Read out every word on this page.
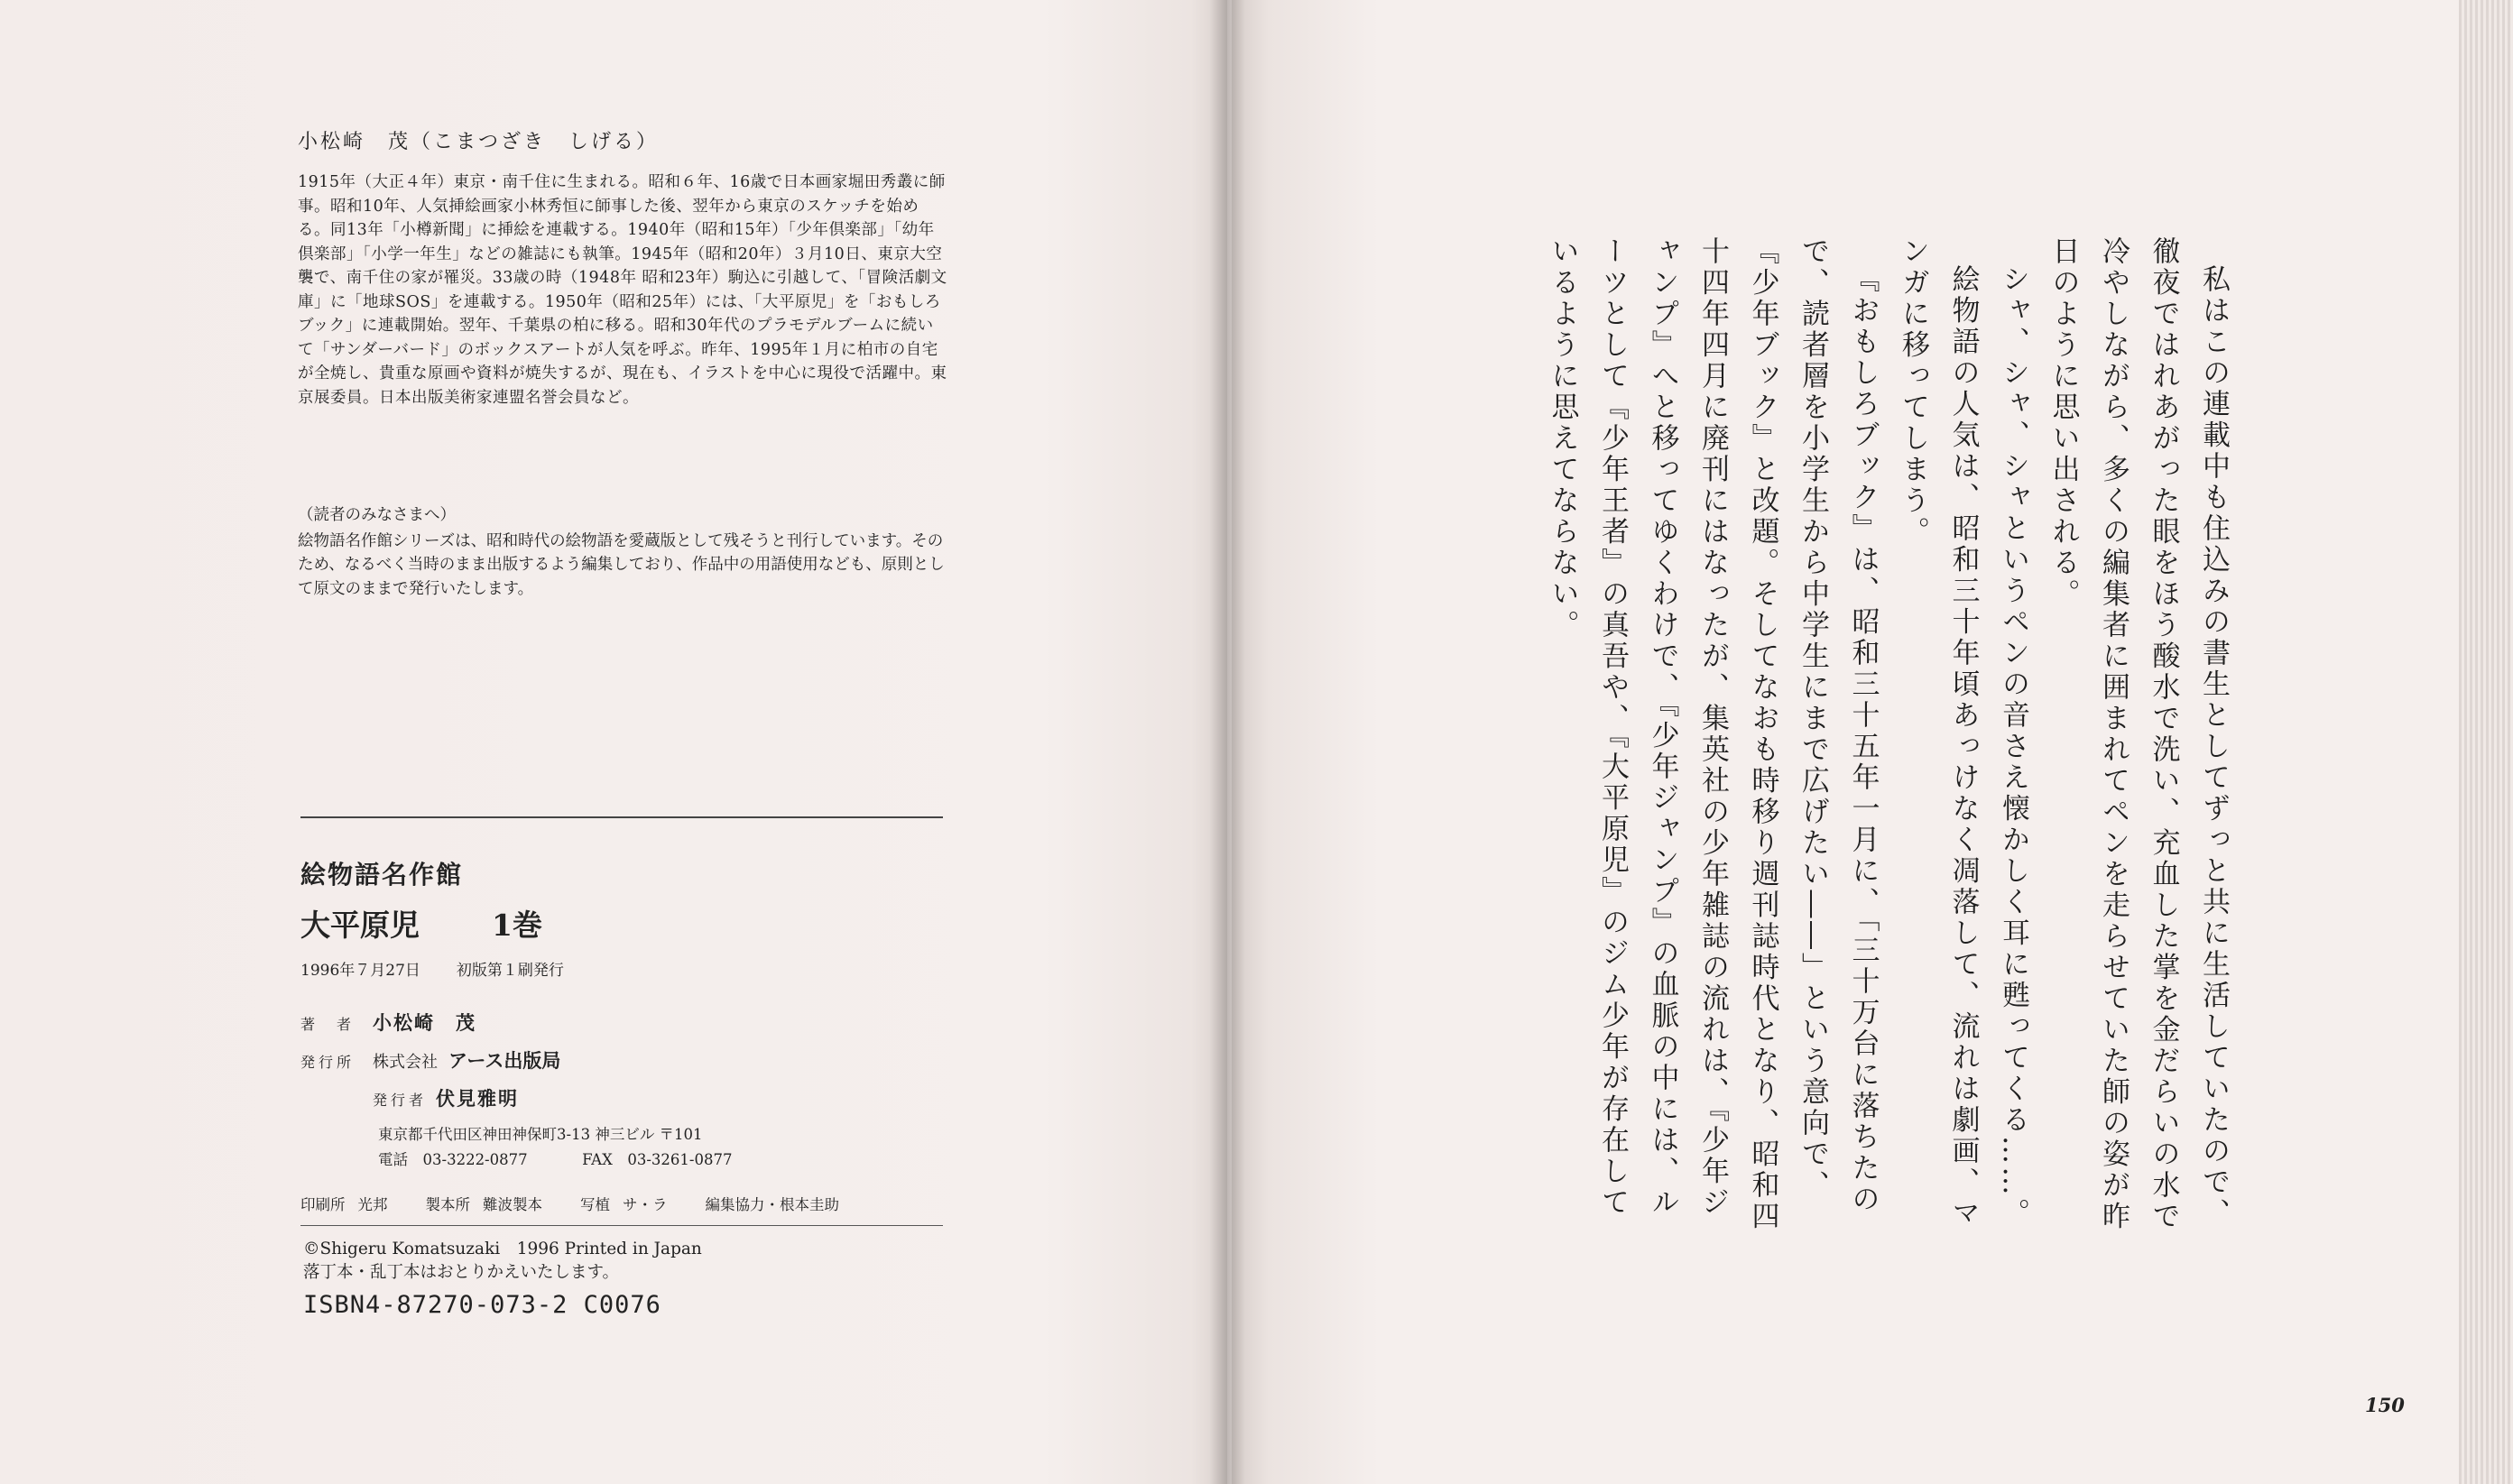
小松崎　茂（こまつざき　しげる）
1915年（大正４年）東京・南千住に生まれる。昭和６年、16歳で日本画家堀田秀叢に師事。昭和10年、人気挿絵画家小林秀恒に師事した後、翌年から東京のスケッチを始める。同13年「小樽新聞」に挿絵を連載する。1940年（昭和15年）「少年倶楽部」「幼年倶楽部」「小学一年生」などの雑誌にも執筆。1945年（昭和20年）３月10日、東京大空襲で、南千住の家が罹災。33歳の時（1948年 昭和23年）駒込に引越して、「冒険活劇文庫」に「地球SOS」を連載する。1950年（昭和25年）には、「大平原児」を「おもしろブック」に連載開始。翌年、千葉県の柏に移る。昭和30年代のプラモデルブームに続いて「サンダーバード」のボックスアートが人気を呼ぶ。昨年、1995年１月に柏市の自宅が全焼し、貴重な原画や資料が焼失するが、現在も、イラストを中心に現役で活躍中。東京展委員。日本出版美術家連盟名誉会員など。
（読者のみなさまへ）
絵物語名作館シリーズは、昭和時代の絵物語を愛蔵版として残そうと刊行しています。そのため、なるべく当時のまま出版するよう編集しており、作品中の用語使用なども、原則として原文のままで発行いたします。
絵物語名作館
大平原児 1巻
1996年７月27日 初版第１刷発行
著　者 小松崎　茂
発行所	株式会社 アース出版局
発行者 伏見雅明
東京都千代田区神田神保町3-13 神三ビル 〒101
電話　03-3222-0877	FAX　03-3261-0877
印刷所 光邦	製本所 難波製本	写植 サ・ラ	編集協力・根本圭助
©Shigeru Komatsuzaki　1996 Printed in Japan
落丁本・乱丁本はおとりかえいたします。
ISBN4-87270-073-2 C0076

私はこの連載中も住込みの書生としてずっと共に生活していたので、徹夜ではれあがった眼をほう酸水で洗い、充血した掌を金だらいの水で冷やしながら、多くの編集者に囲まれてペンを走らせていた師の姿が昨日のように思い出される。

シャ、シャ、シャというペンの音さえ懐かしく耳に甦ってくる……。

絵物語の人気は、昭和三十年頃あっけなく凋落して、流れは劇画、マンガに移ってしまう。

『おもしろブック』は、昭和三十五年一月に、「三十万台に落ちたので、読者層を小学生から中学生にまで広げたい――」という意向で、『少年ブック』と改題。そしてなおも時移り週刊誌時代となり、昭和四十四年四月に廃刊にはなったが、集英社の少年雑誌の流れは、『少年ジャンプ』へと移ってゆくわけで、『少年ジャンプ』の血脈の中には、ルーツとして『少年王者』の真吾や、『大平原児』のジム少年が存在しているように思えてならない。

150
